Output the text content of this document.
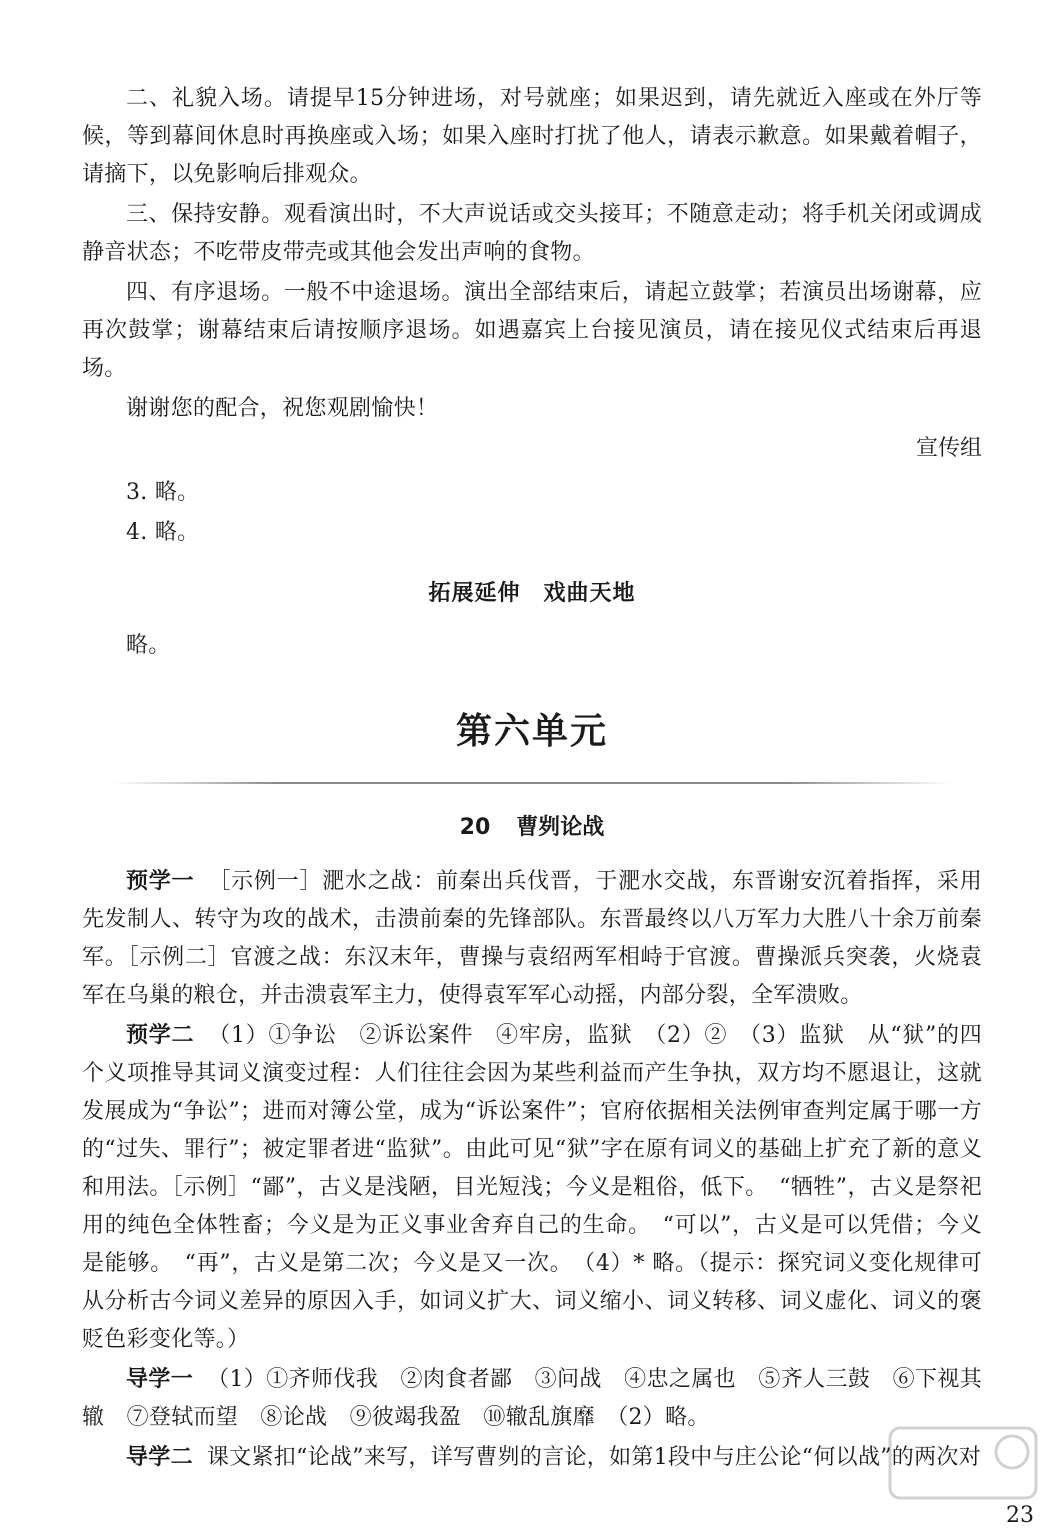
二、礼貌入场。请提早15分钟进场，对号就座；如果迟到，请先就近入座或在外厅等候，等到幕间休息时再换座或入场；如果入座时打扰了他人，请表示歉意。如果戴着帽子，请摘下，以免影响后排观众。

三、保持安静。观看演出时，不大声说话或交头接耳；不随意走动；将手机关闭或调成静音状态；不吃带皮带壳或其他会发出声响的食物。

四、有序退场。一般不中途退场。演出全部结束后，请起立鼓掌；若演员出场谢幕，应再次鼓掌；谢幕结束后请按顺序退场。如遇嘉宾上台接见演员，请在接见仪式结束后再退场。

谢谢您的配合，祝您观剧愉快！

宣传组

3. 略。

4. 略。

拓展延伸　戏曲天地

略。

第六单元
20 曹刿论战

预学一 ［示例一］淝水之战：前秦出兵伐晋，于淝水交战，东晋谢安沉着指挥，采用先发制人、转守为攻的战术，击溃前秦的先锋部队。东晋最终以八万军力大胜八十余万前秦军。［示例二］官渡之战：东汉末年，曹操与袁绍两军相峙于官渡。曹操派兵突袭，火烧袁军在乌巢的粮仓，并击溃袁军主力，使得袁军军心动摇，内部分裂，全军溃败。

预学二 （1）①争讼　②诉讼案件　④牢房，监狱　（2）②　（3）监狱　从“狱”的四个义项推导其词义演变过程：人们往往会因为某些利益而产生争执，双方均不愿退让，这就发展成为“争讼”；进而对簿公堂，成为“诉讼案件”；官府依据相关法例审查判定属于哪一方的“过失、罪行”；被定罪者进“监狱”。由此可见“狱”字在原有词义的基础上扩充了新的意义和用法。［示例］“鄙”，古义是浅陋，目光短浅；今义是粗俗，低下。　“牺牲”，古义是祭祀用的纯色全体牲畜；今义是为正义事业舍弃自己的生命。　“可以”，古义是可以凭借；今义是能够。　“再”，古义是第二次；今义是又一次。　（4）* 略。（提示：探究词义变化规律可从分析古今词义差异的原因入手，如词义扩大、词义缩小、词义转移、词义虚化、词义的褒贬色彩变化等。）

导学一 （1）①齐师伐我　②肉食者鄙　③问战　④忠之属也　⑤齐人三鼓　⑥下视其辙　⑦登轼而望　⑧论战　⑨彼竭我盈　⑩辙乱旗靡　（2）略。

导学二 课文紧扣“论战”来写，详写曹刿的言论，如第1段中与庄公论“何以战”的两次对

23
